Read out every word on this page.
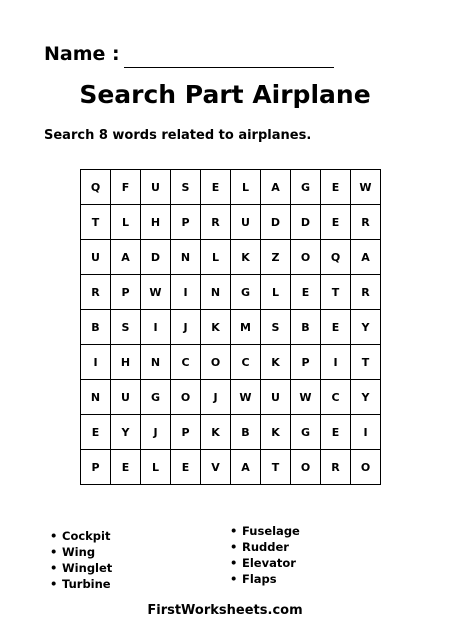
Name :
Search Part Airplane
Search 8 words related to airplanes.
Q	F	U	S	E	L	A	G	E	W
T	L	H	P	R	U	D	D	E	R
U	A	D	N	L	K	Z	O	Q	A
R	P	W	I	N	G	L	E	T	R
B	S	I	J	K	M	S	B	E	Y
I	H	N	C	O	C	K	P	I	T
N	U	G	O	J	W	U	W	C	Y
E	Y	J	P	K	B	K	G	E	I
P	E	L	E	V	A	T	O	R	O
• Cockpit
• Wing
• Winglet
• Turbine
• Fuselage
• Rudder
• Elevator
• Flaps
FirstWorksheets.com
